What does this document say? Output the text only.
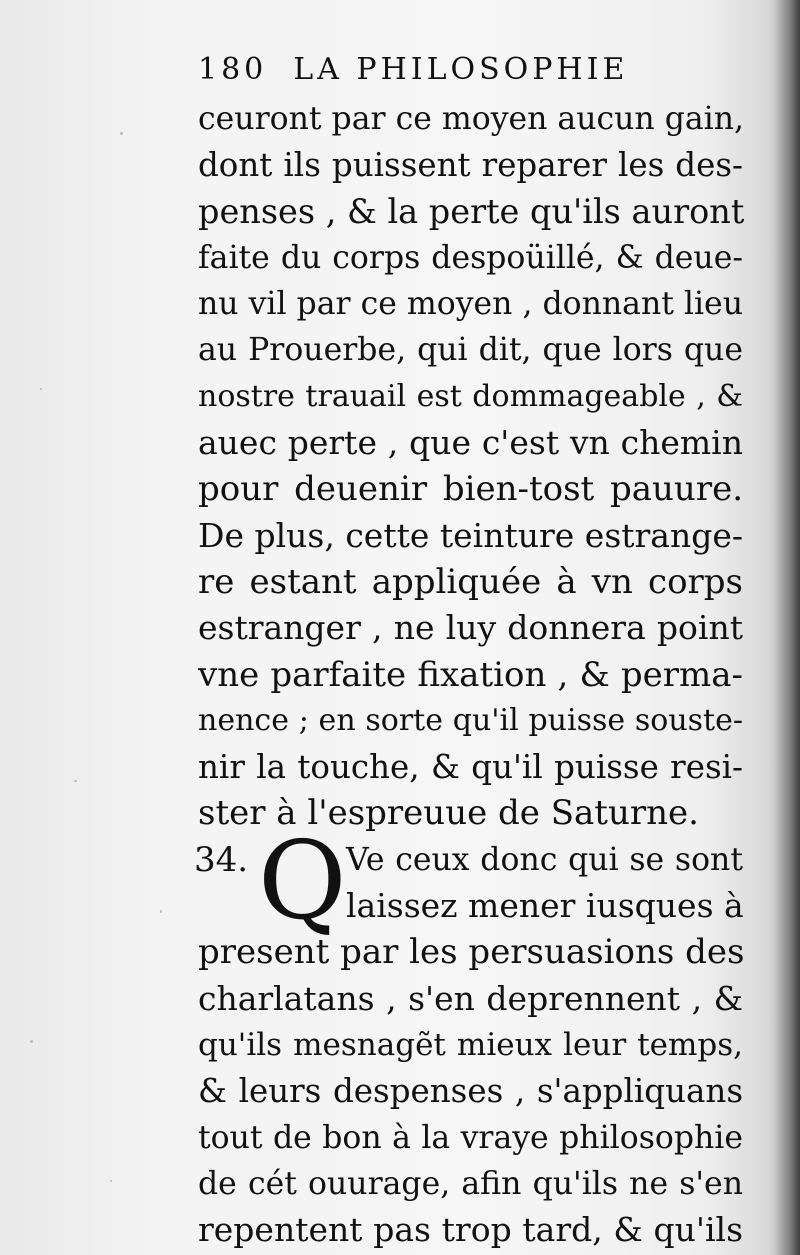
180 LA PHILOSOPHIE
ceuront par ce moyen aucun gain,
dont ils puissent reparer les des-
penses , & la perte qu'ils auront
faite du corps despoüillé, & deue-
nu vil par ce moyen , donnant lieu
au Prouerbe, qui dit, que lors que
nostre trauail est dommageable , &
auec perte , que c'est vn chemin
pour deuenir bien-tost pauure.
De plus, cette teinture estrange-
re estant appliquée à vn corps
estranger , ne luy donnera point
vne parfaite fixation , & perma-
nence ; en sorte qu'il puisse souste-
nir la touche, & qu'il puisse resi-
ster à l'espreuue de Saturne.
34. Q Ve ceux donc qui se sont
laissez mener iusques à
present par les persuasions des
charlatans , s'en deprennent , &
qu'ils mesnagẽt mieux leur temps,
& leurs despenses , s'appliquans
tout de bon à la vraye philosophie
de cét ouurage, afin qu'ils ne s'en
repentent pas trop tard, & qu'ils
